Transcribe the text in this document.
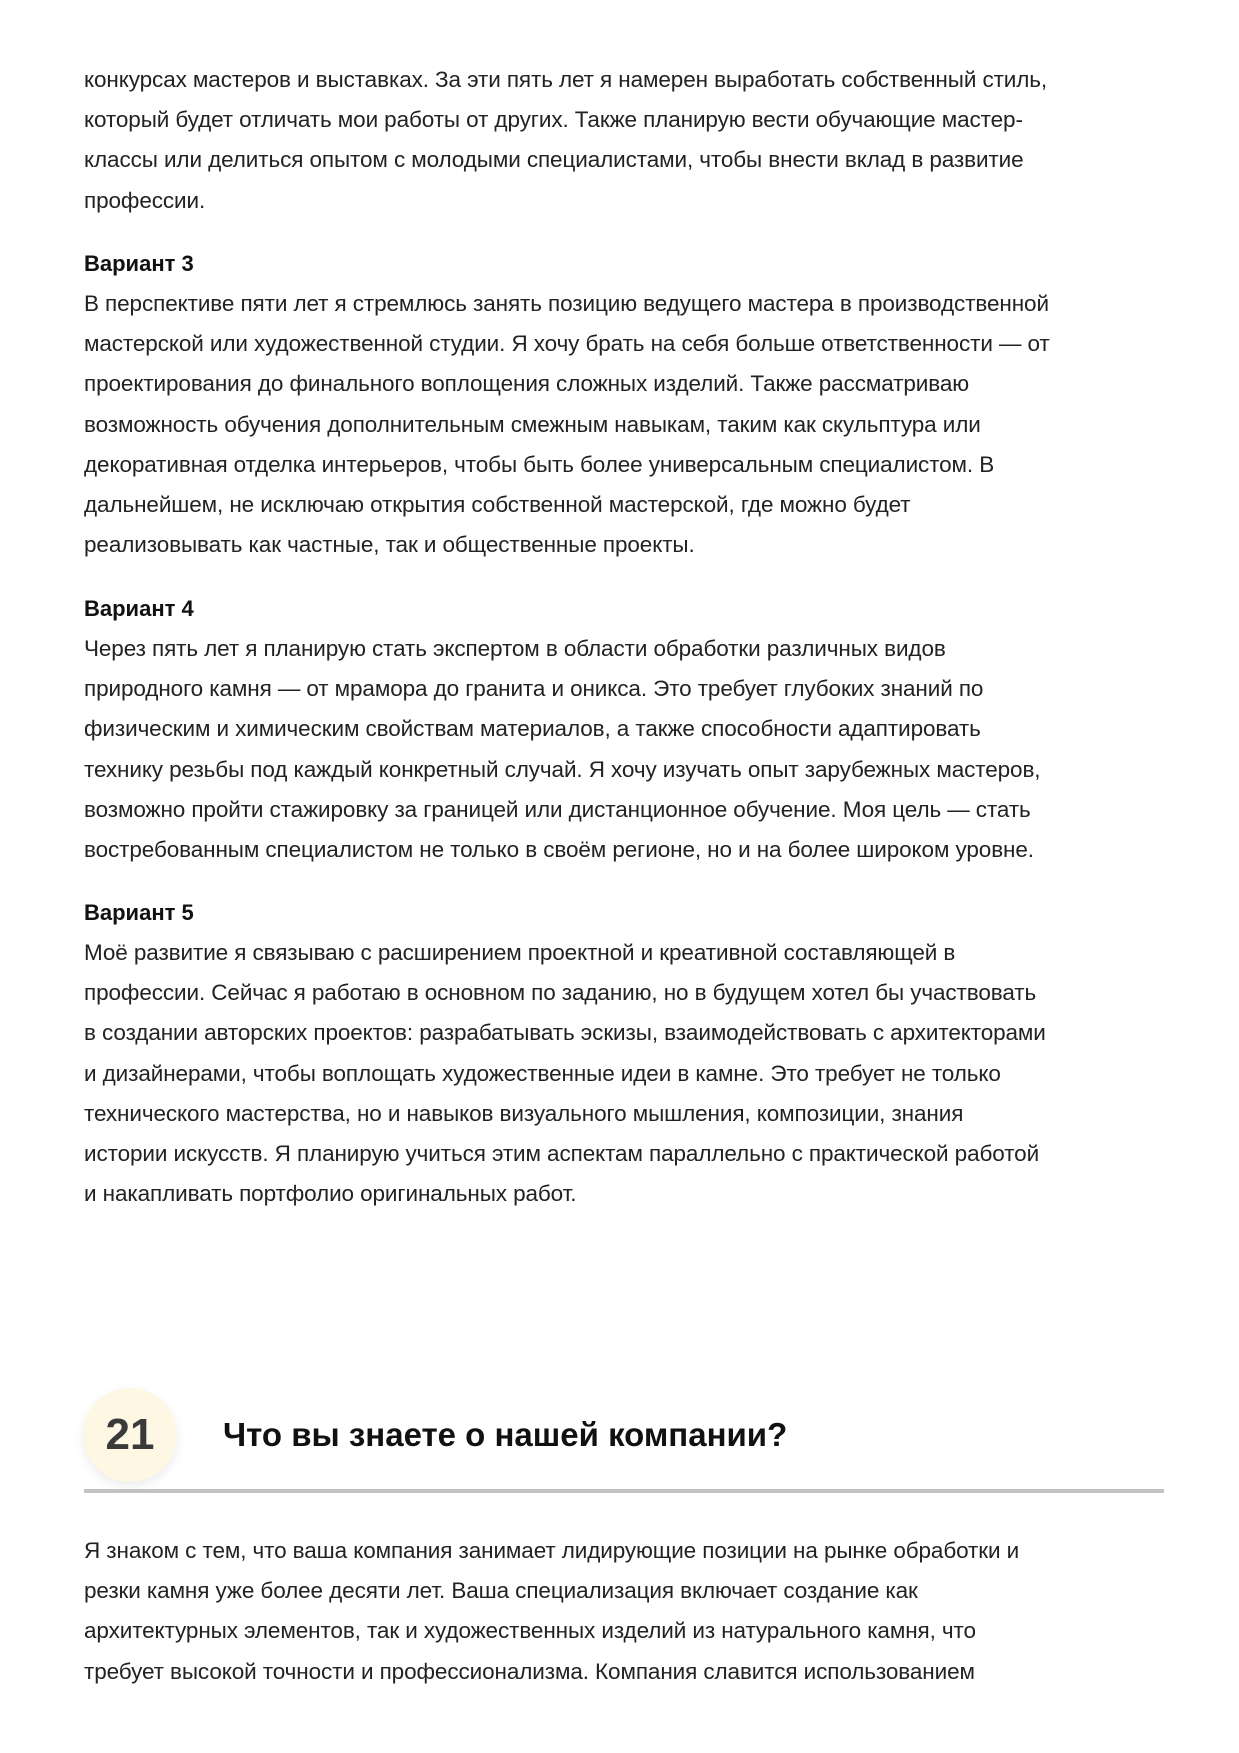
конкурсах мастеров и выставках. За эти пять лет я намерен выработать собственный стиль,
который будет отличать мои работы от других. Также планирую вести обучающие мастер-
классы или делиться опытом с молодыми специалистами, чтобы внести вклад в развитие
профессии.
Вариант 3
В перспективе пяти лет я стремлюсь занять позицию ведущего мастера в производственной
мастерской или художественной студии. Я хочу брать на себя больше ответственности — от
проектирования до финального воплощения сложных изделий. Также рассматриваю
возможность обучения дополнительным смежным навыкам, таким как скульптура или
декоративная отделка интерьеров, чтобы быть более универсальным специалистом. В
дальнейшем, не исключаю открытия собственной мастерской, где можно будет
реализовывать как частные, так и общественные проекты.
Вариант 4
Через пять лет я планирую стать экспертом в области обработки различных видов
природного камня — от мрамора до гранита и оникса. Это требует глубоких знаний по
физическим и химическим свойствам материалов, а также способности адаптировать
технику резьбы под каждый конкретный случай. Я хочу изучать опыт зарубежных мастеров,
возможно пройти стажировку за границей или дистанционное обучение. Моя цель — стать
востребованным специалистом не только в своём регионе, но и на более широком уровне.
Вариант 5
Моё развитие я связываю с расширением проектной и креативной составляющей в
профессии. Сейчас я работаю в основном по заданию, но в будущем хотел бы участвовать
в создании авторских проектов: разрабатывать эскизы, взаимодействовать с архитекторами
и дизайнерами, чтобы воплощать художественные идеи в камне. Это требует не только
технического мастерства, но и навыков визуального мышления, композиции, знания
истории искусств. Я планирую учиться этим аспектам параллельно с практической работой
и накапливать портфолио оригинальных работ.
21	Что вы знаете о нашей компании?
Я знаком с тем, что ваша компания занимает лидирующие позиции на рынке обработки и
резки камня уже более десяти лет. Ваша специализация включает создание как
архитектурных элементов, так и художественных изделий из натурального камня, что
требует высокой точности и профессионализма. Компания славится использованием
